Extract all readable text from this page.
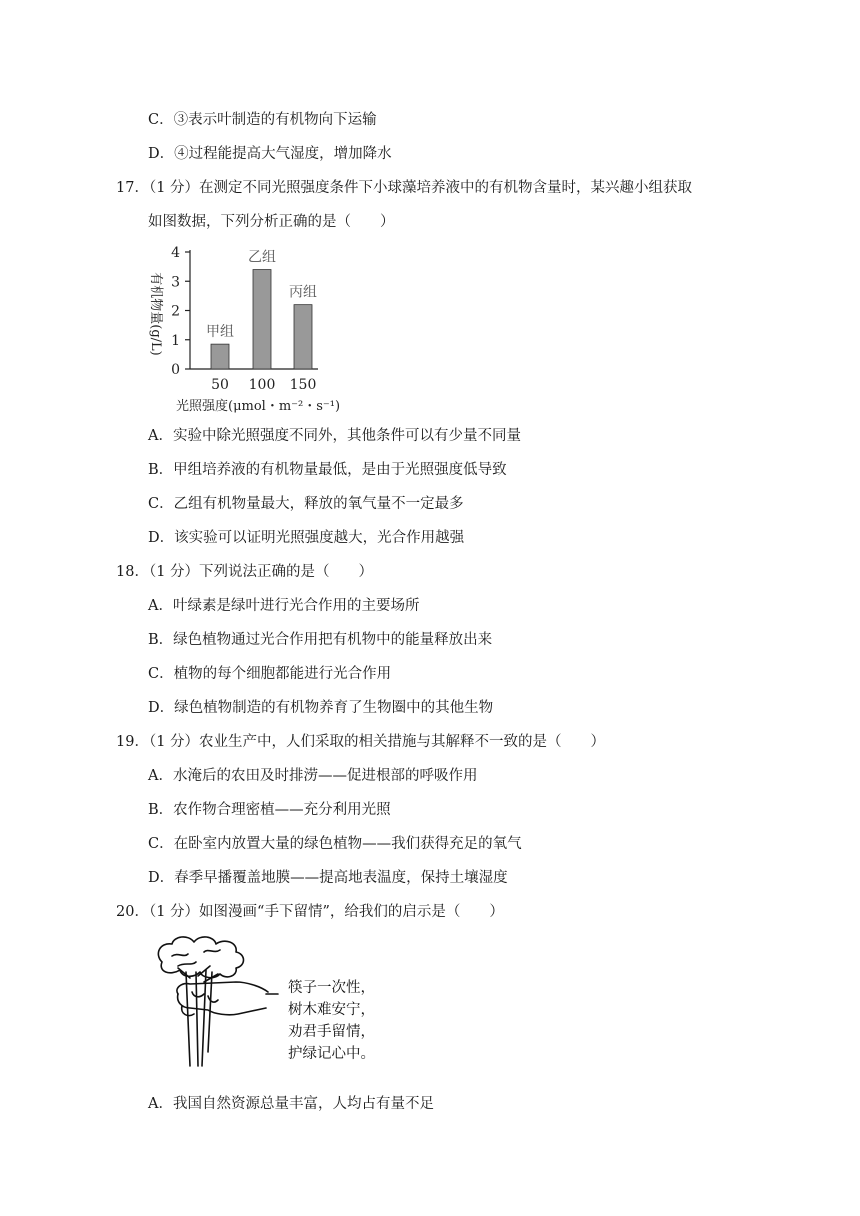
C．③表示叶制造的有机物向下运输
D．④过程能提高大气湿度，增加降水
17．（1 分）在测定不同光照强度条件下小球藻培养液中的有机物含量时，某兴趣小组获取
如图数据，下列分析正确的是（　　）
0
1
2
3
4
甲组
乙组
丙组
50 100 150
有机物量(g/L)
光照强度(μmol・m⁻²・s⁻¹)
A．实验中除光照强度不同外，其他条件可以有少量不同量
B．甲组培养液的有机物量最低，是由于光照强度低导致
C．乙组有机物量最大，释放的氧气量不一定最多
D．该实验可以证明光照强度越大，光合作用越强
18．（1 分）下列说法正确的是（　　）
A．叶绿素是绿叶进行光合作用的主要场所
B．绿色植物通过光合作用把有机物中的能量释放出来
C．植物的每个细胞都能进行光合作用
D．绿色植物制造的有机物养育了生物圈中的其他生物
19．（1 分）农业生产中，人们采取的相关措施与其解释不一致的是（　　）
A．水淹后的农田及时排涝——促进根部的呼吸作用
B．农作物合理密植——充分利用光照
C．在卧室内放置大量的绿色植物——我们获得充足的氧气
D．春季早播覆盖地膜——提高地表温度，保持土壤湿度
20．（1 分）如图漫画“手下留情”，给我们的启示是（　　）
筷子一次性，
树木难安宁，
劝君手留情，
护绿记心中。
A．我国自然资源总量丰富，人均占有量不足
